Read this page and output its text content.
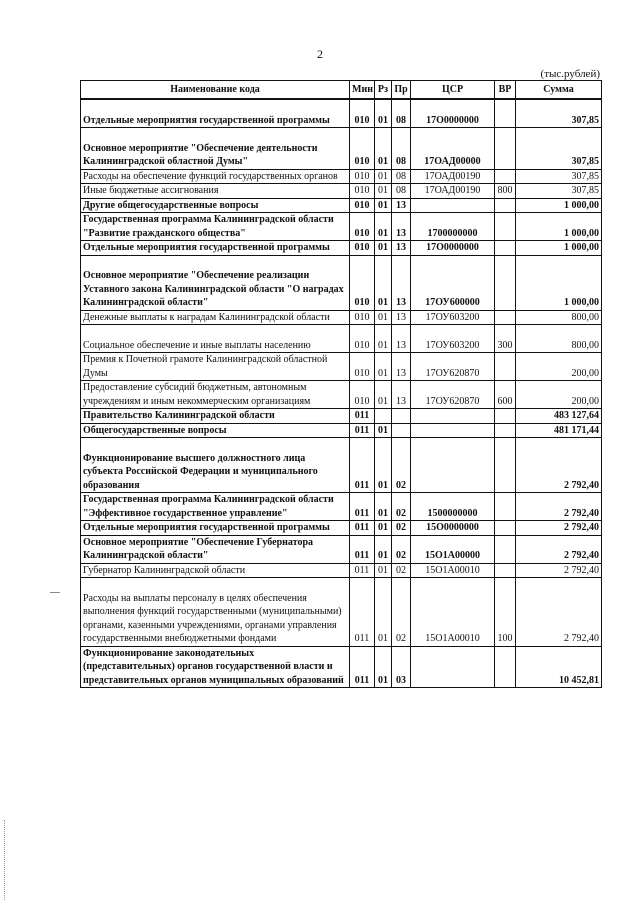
2
(тыс.рублей)
Наименование кода	Мин	Рз	Пр	ЦСР	ВР	Сумма

Отдельные мероприятия государственной программы	010	01	08	17О0000000		307,85

Основное мероприятие "Обеспечение деятельности Калининградской областной Думы"	010	01	08	17ОАД00000		307,85
Расходы на обеспечение функций государственных органов	010	01	08	17ОАД00190		307,85
Иные бюджетные ассигнования	010	01	08	17ОАД00190	800	307,85
Другие общегосударственные вопросы	010	01	13			1 000,00
Государственная программа Калининградской области "Развитие гражданского общества"	010	01	13	1700000000		1 000,00
Отдельные мероприятия государственной программы	010	01	13	17О0000000		1 000,00

Основное мероприятие "Обеспечение реализации Уставного закона Калининградской области "О наградах Калининградской области"	010	01	13	17ОУ600000		1 000,00
Денежные выплаты к наградам Калининградской области	010	01	13	17ОУ603200		800,00

Социальное обеспечение и иные выплаты населению	010	01	13	17ОУ603200	300	800,00
Премия к Почетной грамоте Калининградской областной Думы	010	01	13	17ОУ620870		200,00
Предоставление субсидий бюджетным, автономным учреждениям и иным некоммерческим организациям	010	01	13	17ОУ620870	600	200,00
Правительство Калининградской области	011					483 127,64
Общегосударственные вопросы	011	01				481 171,44

Функционирование высшего должностного лица субъекта Российской Федерации и муниципального образования	011	01	02			2 792,40
Государственная программа Калининградской области "Эффективное государственное управление"	011	01	02	1500000000		2 792,40
Отдельные мероприятия государственной программы	011	01	02	15О0000000		2 792,40
Основное мероприятие "Обеспечение Губернатора Калининградской области"	011	01	02	15О1А00000		2 792,40
Губернатор Калининградской области	011	01	02	15О1А00010		2 792,40

Расходы на выплаты персоналу в целях обеспечения выполнения функций государственными (муниципальными) органами, казенными учреждениями, органами управления государственными внебюджетными фондами	011	01	02	15О1А00010	100	2 792,40
Функционирование законодательных (представительных) органов государственной власти и представительных органов муниципальных образований	011	01	03			10 452,81
